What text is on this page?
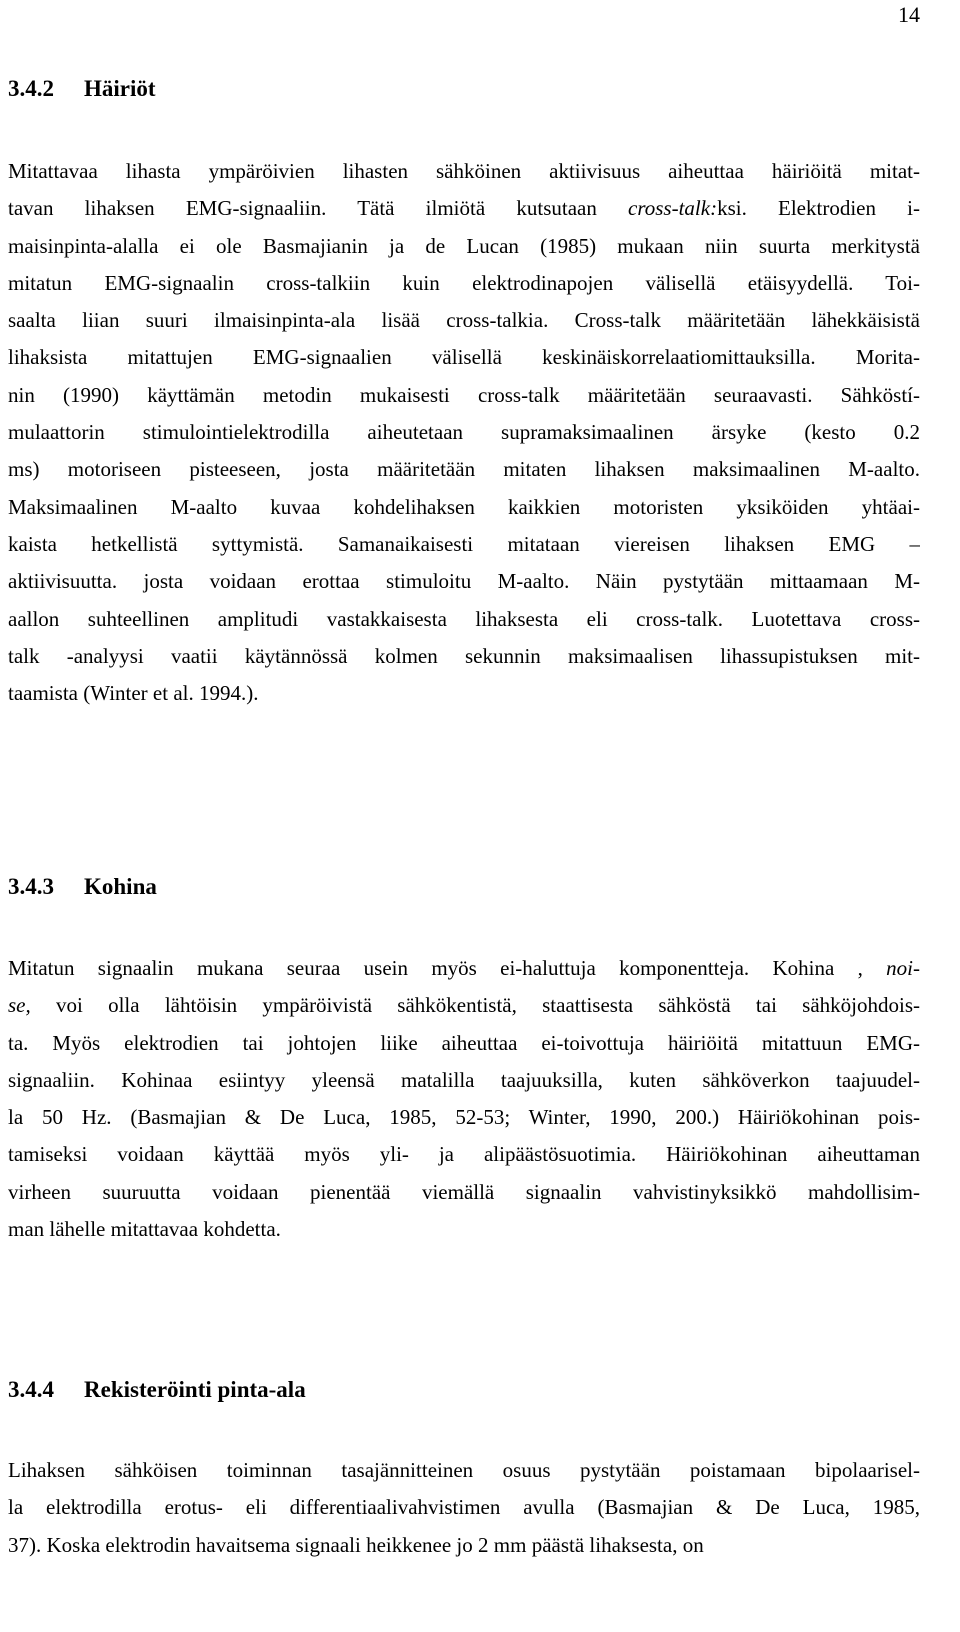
14
3.4.2 Häiriöt
Mitattavaa lihasta ympäröivien lihasten sähköinen aktiivisuus aiheuttaa häiriöitä mitat-
tavan lihaksen EMG-signaaliin. Tätä ilmiötä kutsutaan cross-talk:ksi. Elektrodien i-
maisinpinta-alalla ei ole Basmajianin ja de Lucan (1985) mukaan niin suurta merkitystä
mitatun EMG-signaalin cross-talkiin kuin elektrodinapojen välisellä etäisyydellä. Toi-
saalta liian suuri ilmaisinpinta-ala lisää cross-talkia. Cross-talk määritetään lähekkäisistä
lihaksista mitattujen EMG-signaalien välisellä keskinäiskorrelaatiomittauksilla. Morita-
nin (1990) käyttämän metodin mukaisesti cross-talk määritetään seuraavasti. Sähköstí-
mulaattorin stimulointielektrodilla aiheutetaan supramaksimaalinen ärsyke (kesto 0.2
ms) motoriseen pisteeseen, josta määritetään mitaten lihaksen maksimaalinen M-aalto.
Maksimaalinen M-aalto kuvaa kohdelihaksen kaikkien motoristen yksiköiden yhtäai-
kaista hetkellistä syttymistä. Samanaikaisesti mitataan viereisen lihaksen EMG –
aktiivisuutta. josta voidaan erottaa stimuloitu M-aalto. Näin pystytään mittaamaan M-
aallon suhteellinen amplitudi vastakkaisesta lihaksesta eli cross-talk. Luotettava cross-
talk -analyysi vaatii käytännössä kolmen sekunnin maksimaalisen lihassupistuksen mit-
taamista (Winter et al. 1994.).
3.4.3 Kohina
Mitatun signaalin mukana seuraa usein myös ei-haluttuja komponentteja. Kohina , noi-
se, voi olla lähtöisin ympäröivistä sähkökentistä, staattisesta sähköstä tai sähköjohdois-
ta. Myös elektrodien tai johtojen liike aiheuttaa ei-toivottuja häiriöitä mitattuun EMG-
signaaliin. Kohinaa esiintyy yleensä matalilla taajuuksilla, kuten sähköverkon taajuudel-
la 50 Hz. (Basmajian & De Luca, 1985, 52-53; Winter, 1990, 200.) Häiriökohinan pois-
tamiseksi voidaan käyttää myös yli- ja alipäästösuotimia. Häiriökohinan aiheuttaman
virheen suuruutta voidaan pienentää viemällä signaalin vahvistinyksikkö mahdollisim-
man lähelle mitattavaa kohdetta.
3.4.4 Rekisteröinti pinta-ala
Lihaksen sähköisen toiminnan tasajännitteinen osuus pystytään poistamaan bipolaarisel-
la elektrodilla erotus- eli differentiaalivahvistimen avulla (Basmajian & De Luca, 1985,
37). Koska elektrodin havaitsema signaali heikkenee jo 2 mm päästä lihaksesta, on
